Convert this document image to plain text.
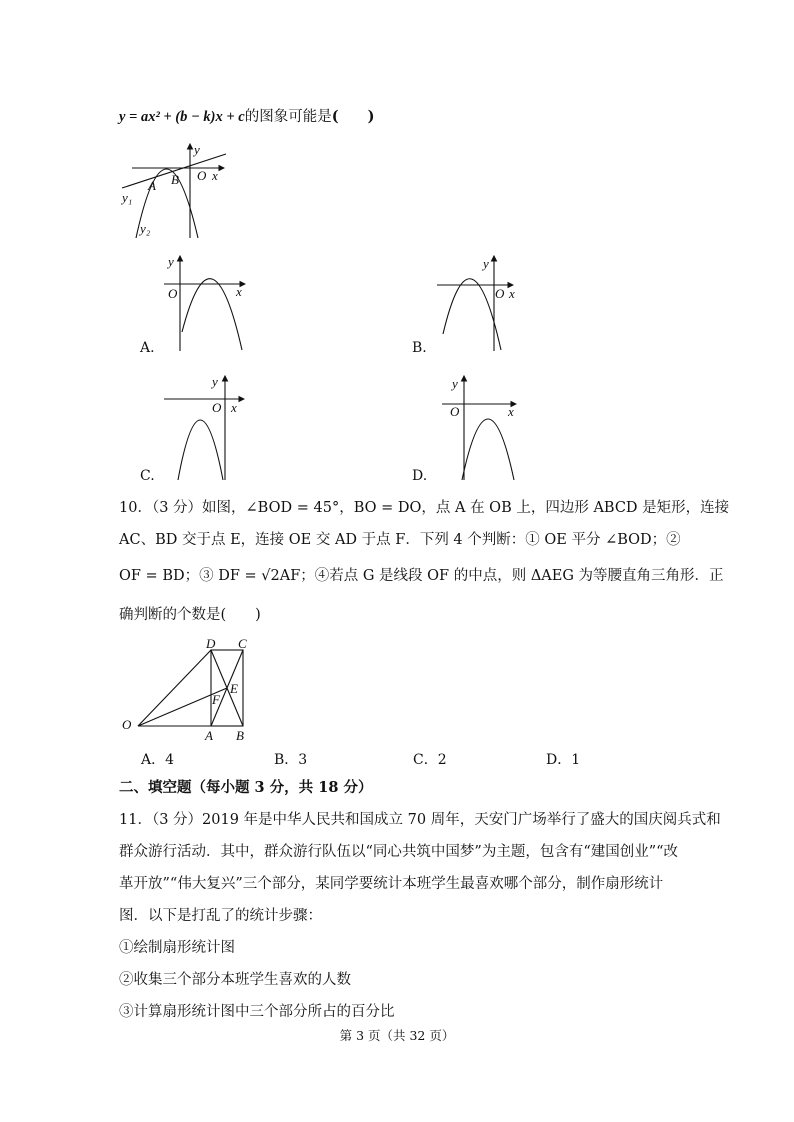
y = ax² + (b − k)x + c的图象可能是(　　)
y
O x
A B
y₁
y₂
y
O	x
A.
y
O x
B.
y
O x
C.
y
O	x
D.
10．（3 分）如图，∠BOD = 45°，BO = DO，点 A 在 OB 上，四边形 ABCD 是矩形，连接
AC、BD 交于点 E，连接 OE 交 AD 于点 F．下列 4 个判断：① OE 平分 ∠BOD；②
OF = BD；③ DF = √2AF；④若点 G 是线段 OF 的中点，则 ΔAEG 为等腰直角三角形．正
确判断的个数是(　　)
D C
E
F
O
A B
A．4	B．3	C．2	D．1
二、填空题（每小题 3 分，共 18 分）
11．（3 分）2019 年是中华人民共和国成立 70 周年，天安门广场举行了盛大的国庆阅兵式和
群众游行活动．其中，群众游行队伍以“同心共筑中国梦”为主题，包含有“建国创业”“改
革开放”“伟大复兴”三个部分，某同学要统计本班学生最喜欢哪个部分，制作扇形统计
图．以下是打乱了的统计步骤：
①绘制扇形统计图
②收集三个部分本班学生喜欢的人数
③计算扇形统计图中三个部分所占的百分比
第 3 页（共 32 页）
